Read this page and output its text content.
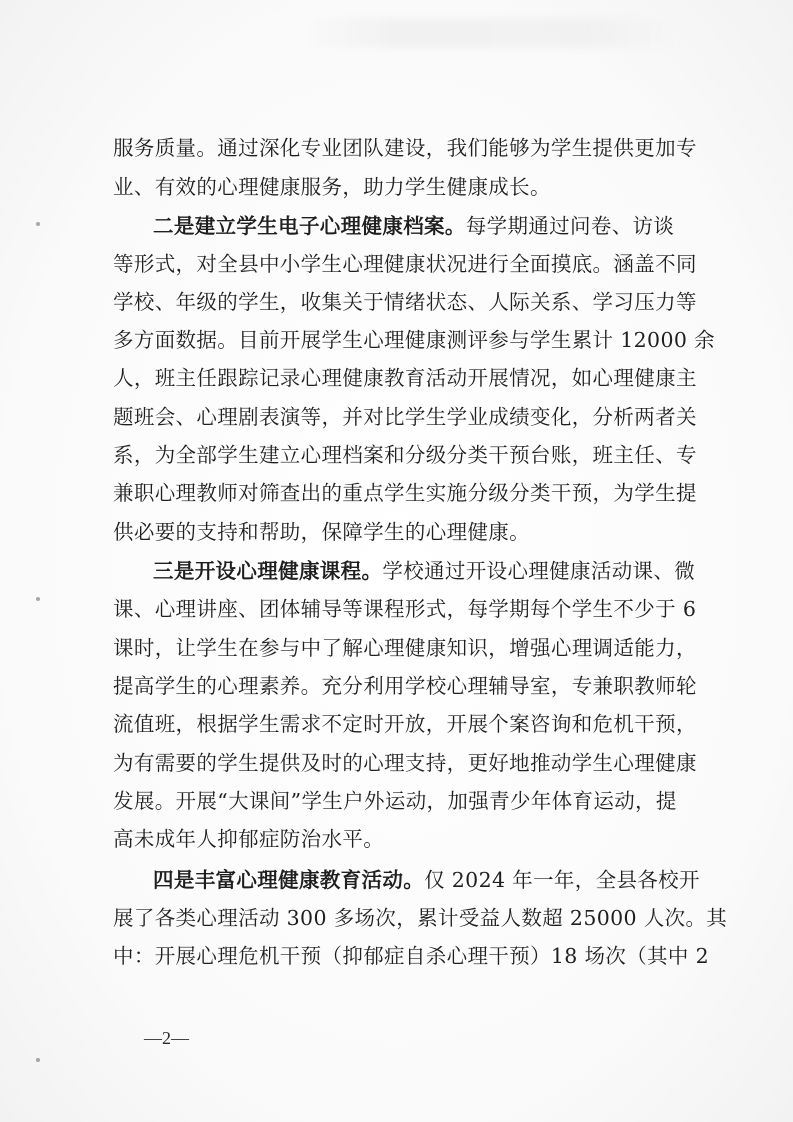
服务质量。通过深化专业团队建设，我们能够为学生提供更加专
业、有效的心理健康服务，助力学生健康成长。
二是建立学生电子心理健康档案。每学期通过问卷、访谈
等形式，对全县中小学生心理健康状况进行全面摸底。涵盖不同
学校、年级的学生，收集关于情绪状态、人际关系、学习压力等
多方面数据。目前开展学生心理健康测评参与学生累计 12000 余
人，班主任跟踪记录心理健康教育活动开展情况，如心理健康主
题班会、心理剧表演等，并对比学生学业成绩变化，分析两者关
系，为全部学生建立心理档案和分级分类干预台账，班主任、专
兼职心理教师对筛查出的重点学生实施分级分类干预，为学生提
供必要的支持和帮助，保障学生的心理健康。
三是开设心理健康课程。学校通过开设心理健康活动课、微
课、心理讲座、团体辅导等课程形式，每学期每个学生不少于 6
课时，让学生在参与中了解心理健康知识，增强心理调适能力，
提高学生的心理素养。充分利用学校心理辅导室，专兼职教师轮
流值班，根据学生需求不定时开放，开展个案咨询和危机干预，
为有需要的学生提供及时的心理支持，更好地推动学生心理健康
发展。开展“大课间”学生户外运动，加强青少年体育运动，提
高未成年人抑郁症防治水平。
四是丰富心理健康教育活动。仅 2024 年一年，全县各校开
展了各类心理活动 300 多场次，累计受益人数超 25000 人次。其
中：开展心理危机干预（抑郁症自杀心理干预）18 场次（其中 2
—2—
